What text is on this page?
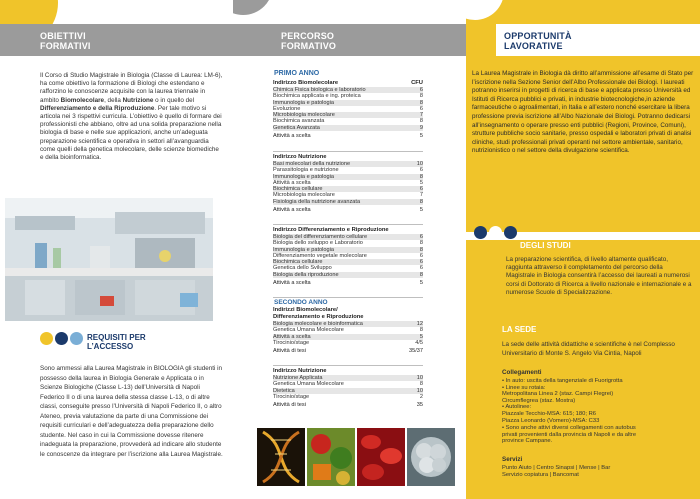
OBIETTIVI
FORMATIVI
Il Corso di Studio Magistrale in Biologia (Classe di Laurea: LM-6), ha come obiettivo la formazione di Biologi che estendano e rafforzino le conoscenze acquisite con la laurea triennale in ambito Biomolecolare, della Nutrizione o in quello del Differenziamento e della Riproduzione. Per tale motivo si articola nei 3 rispettivi curricula. L’obiettivo è quello di formare dei professionisti che abbiano, oltre ad una solida preparazione nella biologia di base e nelle sue applicazioni, anche un’adeguata preparazione scientifica e operativa in settori all’avanguardia come quelli della genetica molecolare, delle scienze biomediche e della bioinformatica.
REQUISITI PER
L’ACCESSO
Sono ammessi alla Laurea Magistrale in BIOLOGIA gli studenti in possesso della laurea in Biologia Generale e Applicata o in Scienze Biologiche (Classe L-13) dell’Università di Napoli Federico II o di una laurea della stessa classe L-13, o di altre classi, conseguite presso l’Università di Napoli Federico II, o altro Ateneo, previa valutazione da parte di una Commissione dei requisiti curriculari e dell’adeguatezza della preparazione dello studente. Nel caso in cui la Commissione dovesse ritenere inadeguata la preparazione, provvederà ad indicare allo studente le conoscenze da integrare per l’iscrizione alla Laurea Magistrale.
PERCORSO
FORMATIVO
PRIMO ANNO
Indirizzo Biomolecolare	CFU
Chimica Fisica biologica e laboratorio	6
Biochimica applicata e ing. proteica	8
Immunologia e patologia	8
Evoluzione	6
Microbiologia molecolare	7
Biochimica avanzata	8
Genetica Avanzata	9
Attività a scelta	5
Indirizzo Nutrizione
Basi molecolari della nutrizione	10
Parassitologia e nutrizione	6
Immunologia e patologia	8
Attività a scelta	5
Biochimica cellulare	6
Microbiologia molecolare	7
Fisiologia della nutrizione avanzata	8
Attività a scelta	5
Indirizzo Differenziamento e Riproduzione
Biologia del differenziamento cellulare	6
Biologia dello sviluppo e Laboratorio	8
Immunologia e patologia	8
Differenziamento vegetale molecolare	6
Biochimica cellulare	6
Genetica dello Sviluppo	6
Biologia della riproduzione	8
Attività a scelta	5
SECONDO ANNO
Indirizzi Biomolecolare/ Differenziamento e Riproduzione
Biologia molecolare e bioinformatica	12
Genetica Umana Molecolare	8
Attività a scelta	5
Tirocinio/stage	4/5
Attività di tesi	35/37
Indirizzo Nutrizione
Nutrizione Applicata	10
Genetica Umana Molecolare	8
Dietetica	10
Tirocinio/stage	2
Attività di tesi	35
OPPORTUNITÀ
LAVORATIVE
La Laurea Magistrale in Biologia dà diritto all’ammissione all’esame di Stato per l’iscrizione nella Sezione Senior dell’Albo Professionale dei Biologi. I laureati potranno inserirsi in progetti di ricerca di base e applicata presso Università ed Istituti di Ricerca pubblici e privati, in industrie biotecnologiche,in aziende farmaceutiche o agroalimentari, in Italia e all’estero nonché esercitare la libera professione previa iscrizione all’Albo Nazionale dei Biologi. Potranno dedicarsi all’insegnamento o operare presso enti pubblici (Regioni, Province, Comuni), strutture pubbliche socio sanitarie, presso ospedali e laboratori privati di analisi cliniche, studi professionali privati operanti nel settore ambientale, sanitario, nutrizionistico o nel settore della divulgazione scientifica.
PROSECUZIONE
DEGLI STUDI
La preparazione scientifica, di livello altamente qualificato, raggiunta attraverso il completamento del percorso della Magistrale in Biologia consentirà l’accesso dei laureati a numerosi corsi di Dottorato di Ricerca a livello nazionale e internazionale e a numerose Scuole di Specializzazione.
LA SEDE
La sede delle attività didattiche e scientifiche è nel Complesso Universitario di Monte S. Angelo Via Cintia, Napoli
Collegamenti
• In auto: uscita della tangenziale di Fuorigrotta
• Linee su rotaia:
Metropolitana Linea 2 (staz. Campi Flegrei)
Circumflegrea (staz. Mostra)
• Autolinee:
Piazzale Tecchio-MSA: 615; 180; R6
Piazza Leonardo (Vomero)-MSA: C33
• Sono anche attivi diversi collegamenti con autobus
privati provenienti dalla provincia di Napoli e da altre
province Campane.
Servizi
Punto Aiuto | Centro Sinapsi | Mense | Bar
Servizio copiatura | Bancomat
